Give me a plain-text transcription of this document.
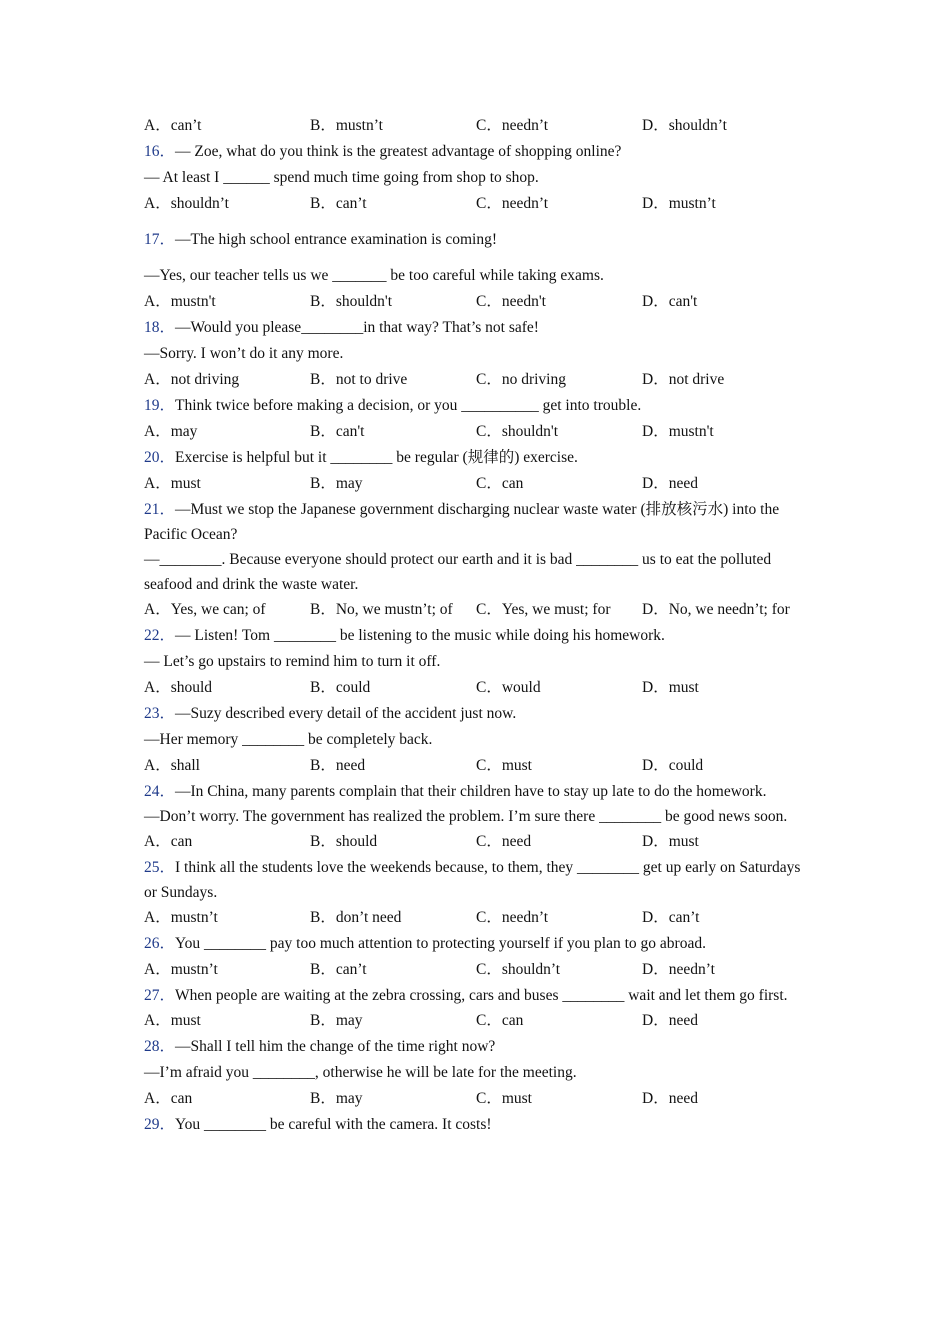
A．can’t	B．mustn’t	C．needn’t	D．shouldn’t
16．— Zoe, what do you think is the greatest advantage of shopping online?
— At least I ______ spend much time going from shop to shop.
A．shouldn’t	B．can’t	C．needn’t	D．mustn’t
17．—The high school entrance examination is coming!
—Yes, our teacher tells us we _______ be too careful while taking exams.
A．mustn't	B．shouldn't	C．needn't	D．can't
18．—Would you please________in that way? That’s not safe!
—Sorry. I won’t do it any more.
A．not driving	B．not to drive	C．no driving	D．not drive
19．Think twice before making a decision, or you __________ get into trouble.
A．may	B．can't	C．shouldn't	D．mustn't
20．Exercise is helpful but it ________ be regular (规律的) exercise.
A．must	B．may	C．can	D．need
21．—Must we stop the Japanese government discharging nuclear waste water (排放核污水) into the Pacific Ocean?
—________. Because everyone should protect our earth and it is bad ________ us to eat the polluted seafood and drink the waste water.
A．Yes, we can; of	B．No, we mustn’t; of	C．Yes, we must; for	D．No, we needn’t; for
22．— Listen! Tom ________ be listening to the music while doing his homework.
— Let’s go upstairs to remind him to turn it off.
A．should	B．could	C．would	D．must
23．—Suzy described every detail of the accident just now.
—Her memory ________ be completely back.
A．shall	B．need	C．must	D．could
24．—In China, many parents complain that their children have to stay up late to do the homework.
—Don’t worry. The government has realized the problem. I’m sure there ________ be good news soon.
A．can	B．should	C．need	D．must
25．I think all the students love the weekends because, to them, they ________ get up early on Saturdays or Sundays.
A．mustn’t	B．don’t need	C．needn’t	D．can’t
26．You ________ pay too much attention to protecting yourself if you plan to go abroad.
A．mustn’t	B．can’t	C．shouldn’t	D．needn’t
27．When people are waiting at the zebra crossing, cars and buses ________ wait and let them go first.
A．must	B．may	C．can	D．need
28．—Shall I tell him the change of the time right now?
—I’m afraid you ________, otherwise he will be late for the meeting.
A．can	B．may	C．must	D．need
29．You ________ be careful with the camera. It costs!
